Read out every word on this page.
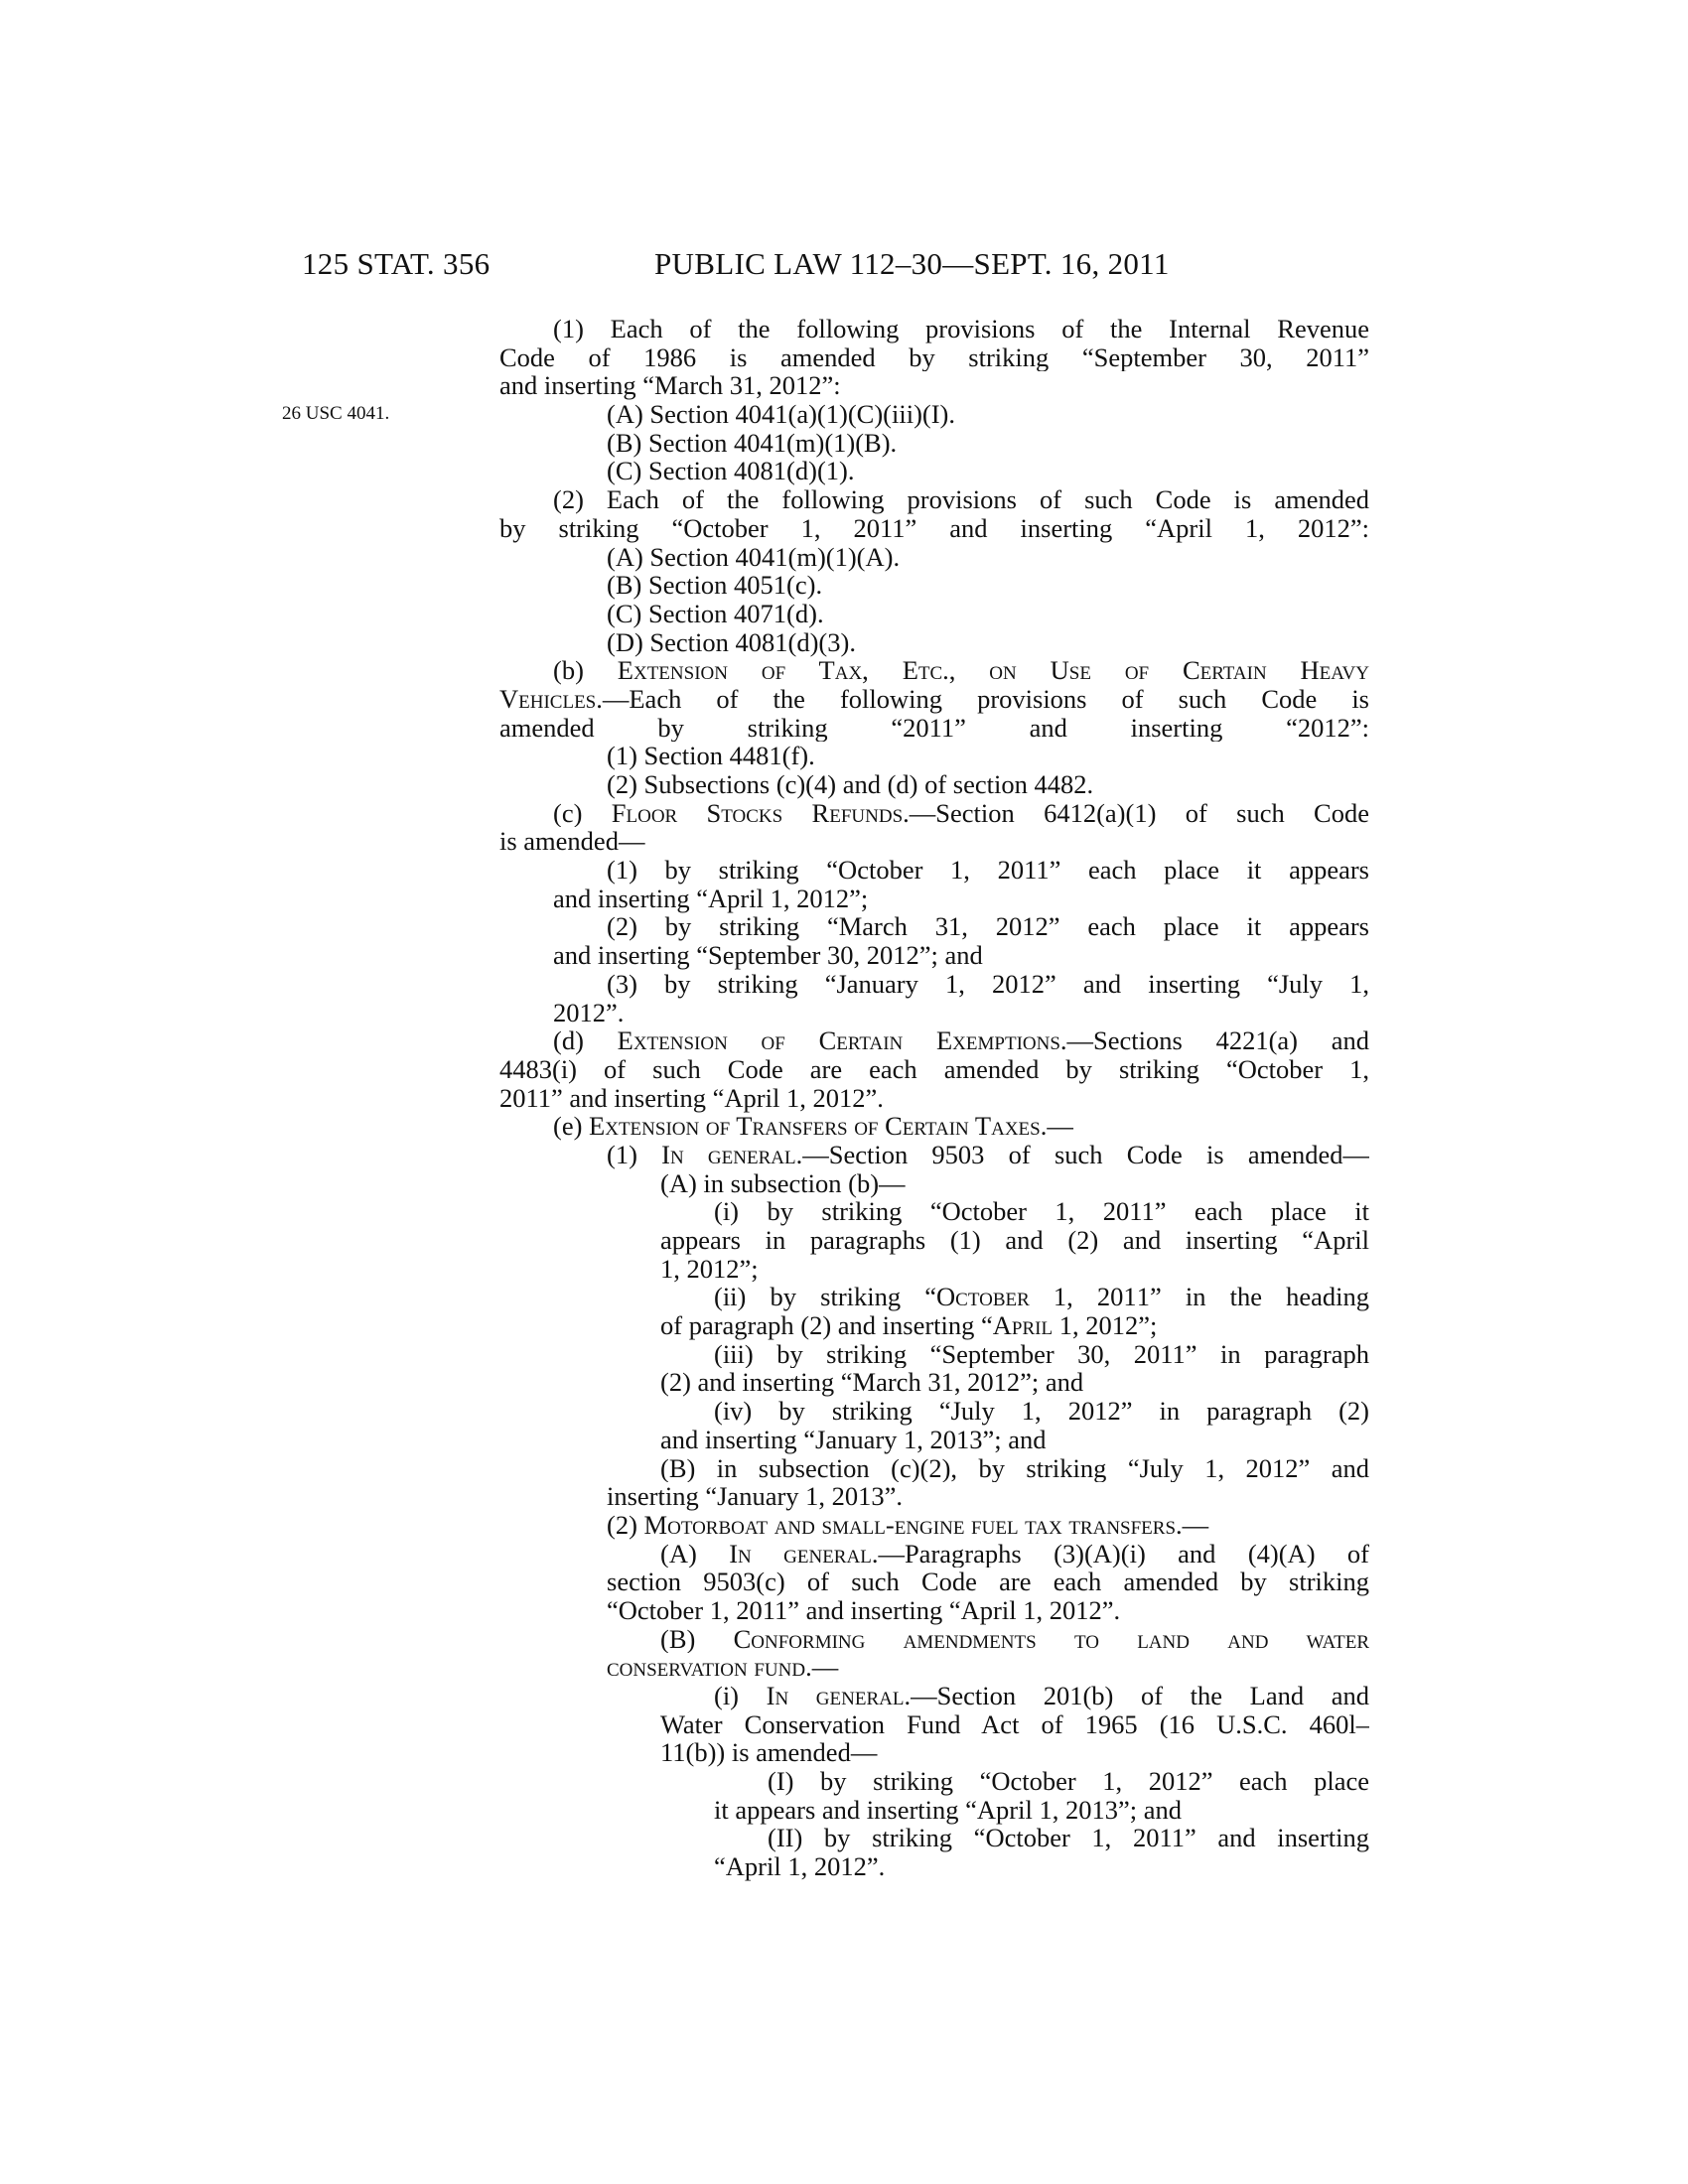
125 STAT. 356	PUBLIC LAW 112–30—SEPT. 16, 2011
26 USC 4041.
(1) Each of the following provisions of the Internal Revenue
Code of 1986 is amended by striking “September 30, 2011”
and inserting “March 31, 2012”:
(A) Section 4041(a)(1)(C)(iii)(I).
(B) Section 4041(m)(1)(B).
(C) Section 4081(d)(1).
(2) Each of the following provisions of such Code is amended
by striking “October 1, 2011” and inserting “April 1, 2012”:
(A) Section 4041(m)(1)(A).
(B) Section 4051(c).
(C) Section 4071(d).
(D) Section 4081(d)(3).
(b) Extension of Tax, Etc., on Use of Certain Heavy
Vehicles.—Each of the following provisions of such Code is
amended by striking “2011” and inserting “2012”:
(1) Section 4481(f).
(2) Subsections (c)(4) and (d) of section 4482.
(c) Floor Stocks Refunds.—Section 6412(a)(1) of such Code
is amended—
(1) by striking “October 1, 2011” each place it appears
and inserting “April 1, 2012”;
(2) by striking “March 31, 2012” each place it appears
and inserting “September 30, 2012”; and
(3) by striking “January 1, 2012” and inserting “July 1,
2012”.
(d) Extension of Certain Exemptions.—Sections 4221(a) and
4483(i) of such Code are each amended by striking “October 1,
2011” and inserting “April 1, 2012”.
(e) Extension of Transfers of Certain Taxes.—
(1) In general.—Section 9503 of such Code is amended—
(A) in subsection (b)—
(i) by striking “October 1, 2011” each place it
appears in paragraphs (1) and (2) and inserting “April
1, 2012”;
(ii) by striking “October 1, 2011” in the heading
of paragraph (2) and inserting “April 1, 2012”;
(iii) by striking “September 30, 2011” in paragraph
(2) and inserting “March 31, 2012”; and
(iv) by striking “July 1, 2012” in paragraph (2)
and inserting “January 1, 2013”; and
(B) in subsection (c)(2), by striking “July 1, 2012” and
inserting “January 1, 2013”.
(2) Motorboat and small-engine fuel tax transfers.—
(A) In general.—Paragraphs (3)(A)(i) and (4)(A) of
section 9503(c) of such Code are each amended by striking
“October 1, 2011” and inserting “April 1, 2012”.
(B) Conforming amendments to land and water
conservation fund.—
(i) In general.—Section 201(b) of the Land and
Water Conservation Fund Act of 1965 (16 U.S.C. 460l–
11(b)) is amended—
(I) by striking “October 1, 2012” each place
it appears and inserting “April 1, 2013”; and
(II) by striking “October 1, 2011” and inserting
“April 1, 2012”.
